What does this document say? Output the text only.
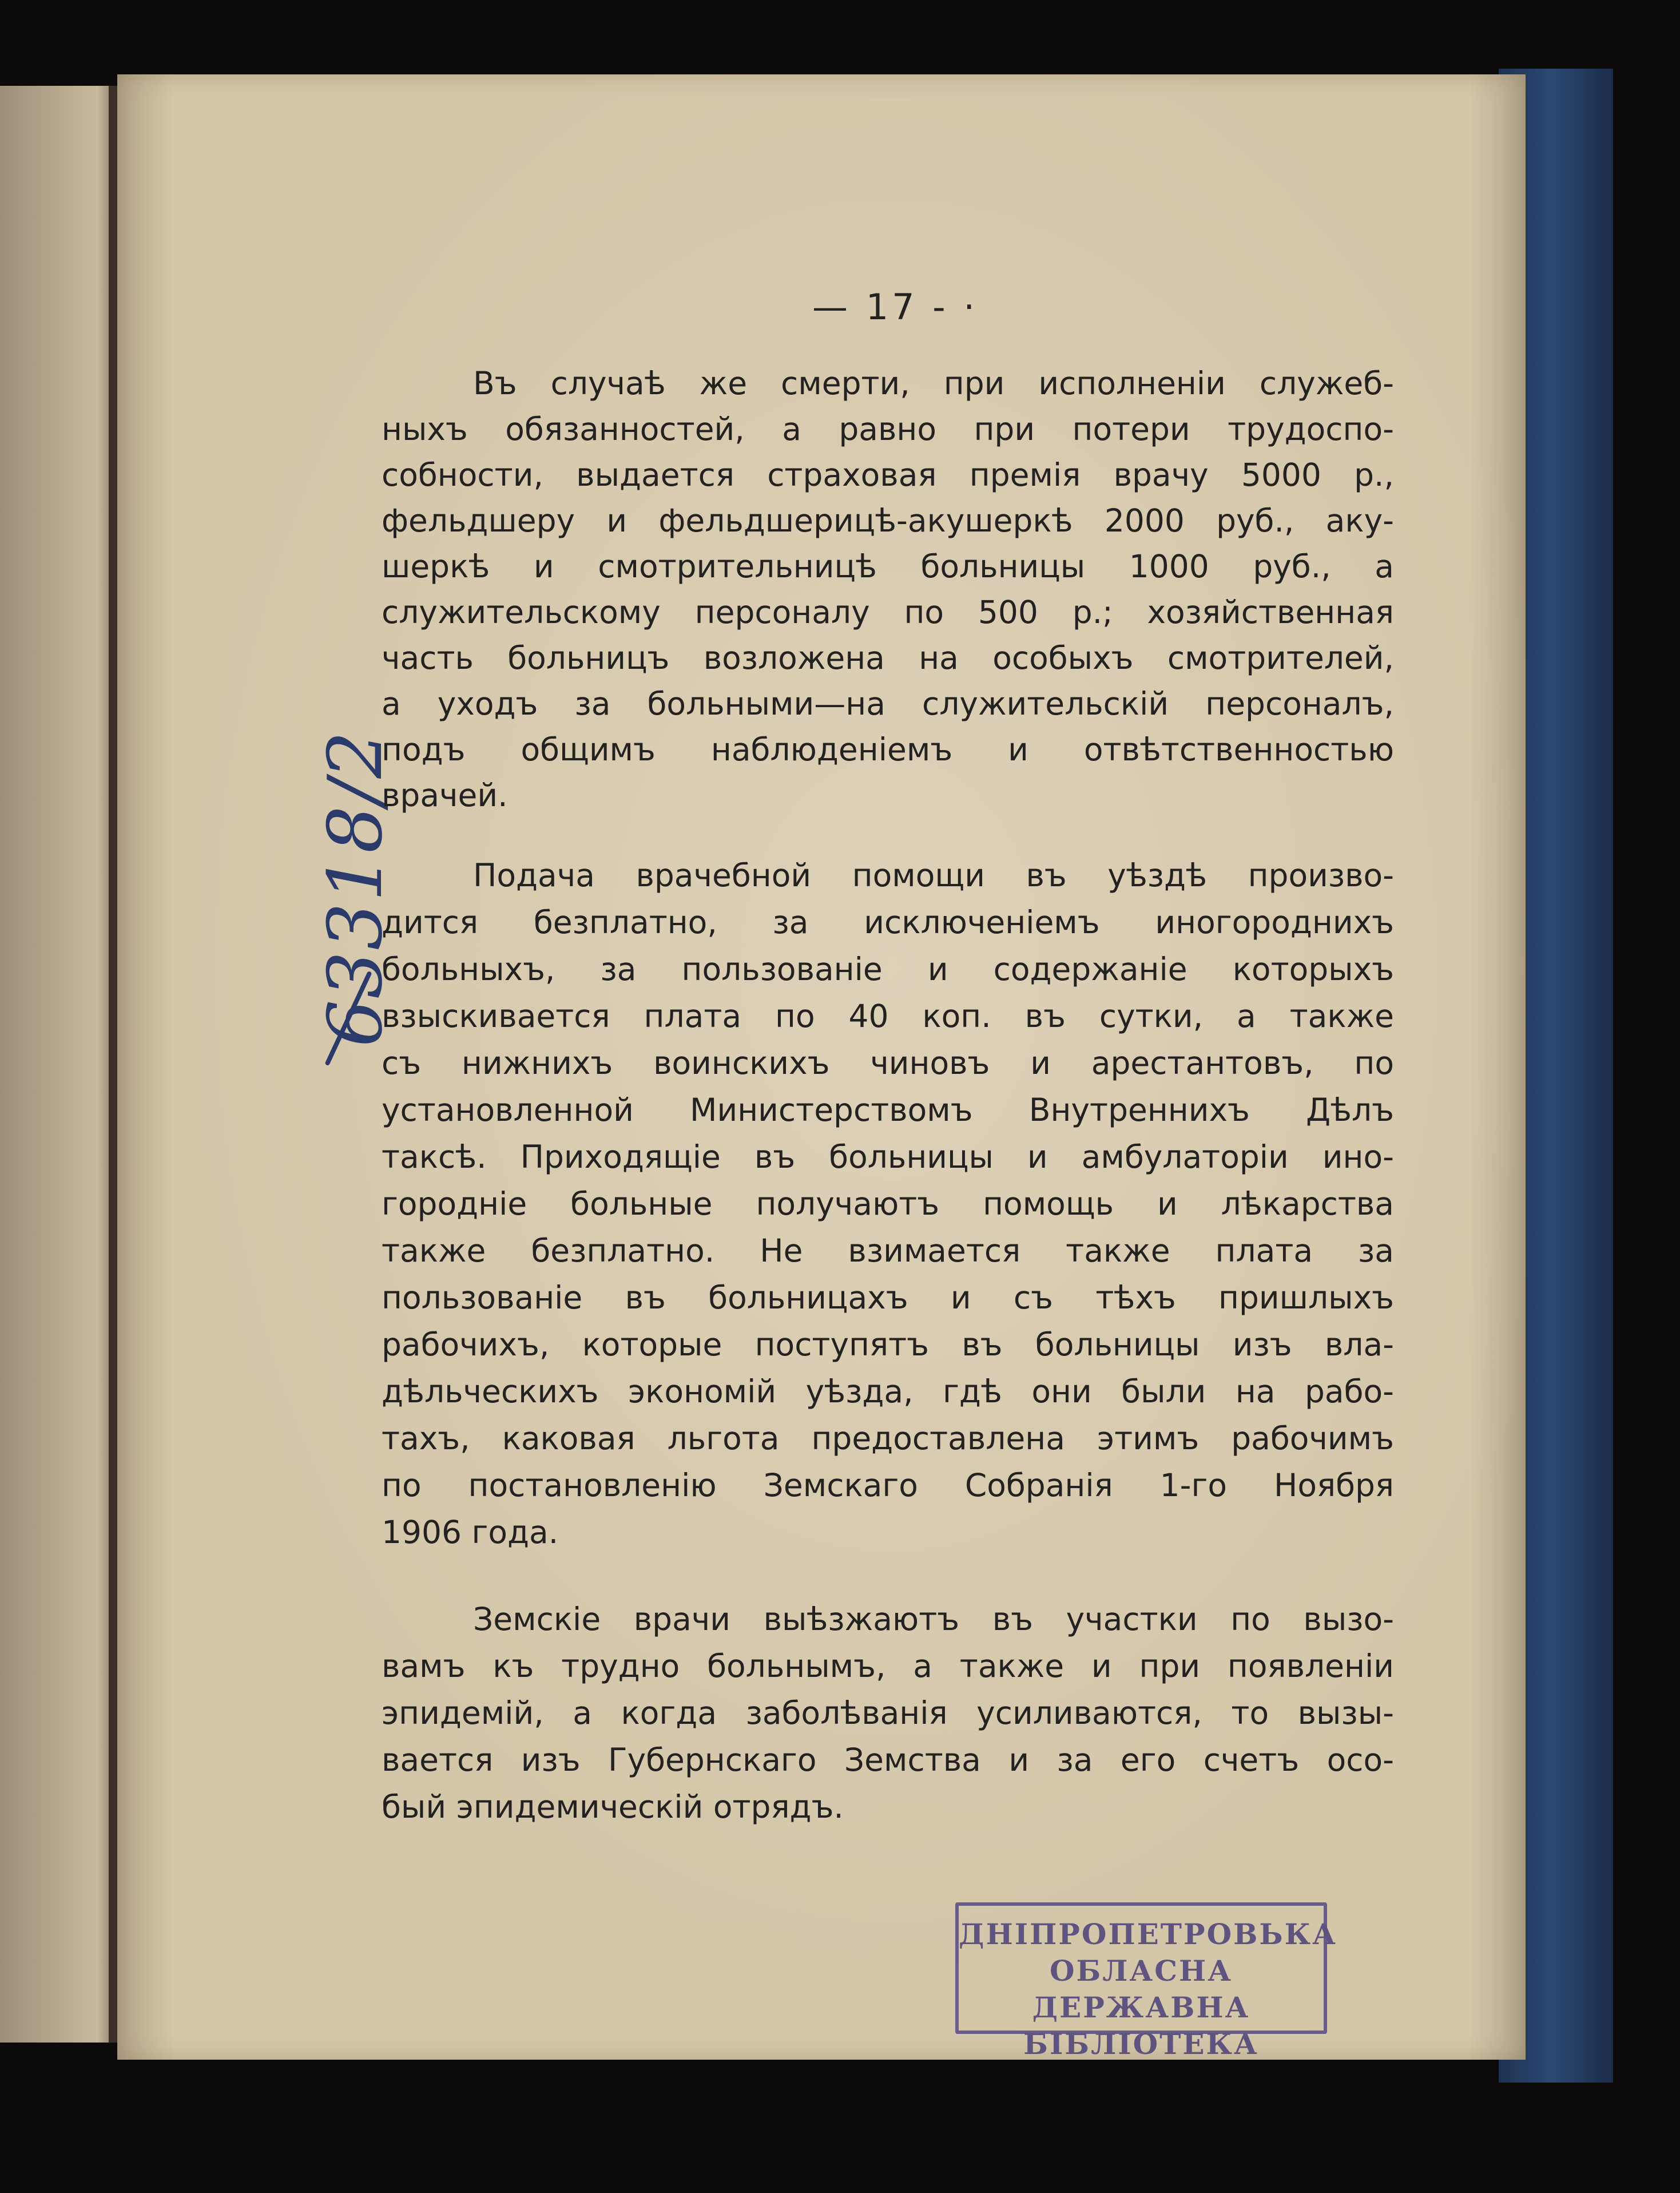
— 17 - ·
63318/2
Въ случаѣ же смерти, при исполненіи служеб-
ныхъ обязанностей, а равно при потери трудоспо-
собности, выдается страховая премія врачу 5000 р.,
фельдшеру и фельдшерицѣ-акушеркѣ 2000 руб., аку-
шеркѣ и смотрительницѣ больницы 1000 руб., а
служительскому персоналу по 500 р.; хозяйственная
часть больницъ возложена на особыхъ смотрителей,
а уходъ за больными—на служительскій персоналъ,
подъ общимъ наблюденіемъ и отвѣтственностью
врачей.
Подача врачебной помощи въ уѣздѣ произво-
дится безплатно, за исключеніемъ иногороднихъ
больныхъ, за пользованіе и содержаніе которыхъ
взыскивается плата по 40 коп. въ сутки, а также
съ нижнихъ воинскихъ чиновъ и арестантовъ, по
установленной Министерствомъ Внутреннихъ Дѣлъ
таксѣ. Приходящіе въ больницы и амбулаторіи ино-
городніе больные получаютъ помощь и лѣкарства
также безплатно. Не взимается также плата за
пользованіе въ больницахъ и съ тѣхъ пришлыхъ
рабочихъ, которые поступятъ въ больницы изъ вла-
дѣльческихъ экономій уѣзда, гдѣ они были на рабо-
тахъ, каковая льгота предоставлена этимъ рабочимъ
по постановленію Земскаго Собранія 1-го Ноября
1906 года.
Земскіе врачи выѣзжаютъ въ участки по вызо-
вамъ къ трудно больнымъ, а также и при появленіи
эпидемій, а когда заболѣванія усиливаются, то вызы-
вается изъ Губернскаго Земства и за его счетъ осо-
бый эпидемическій отрядъ.
ДНІПРОПЕТРОВЬКА
ОБЛАСНА ДЕРЖАВНА
БІБЛІОТЕКА
